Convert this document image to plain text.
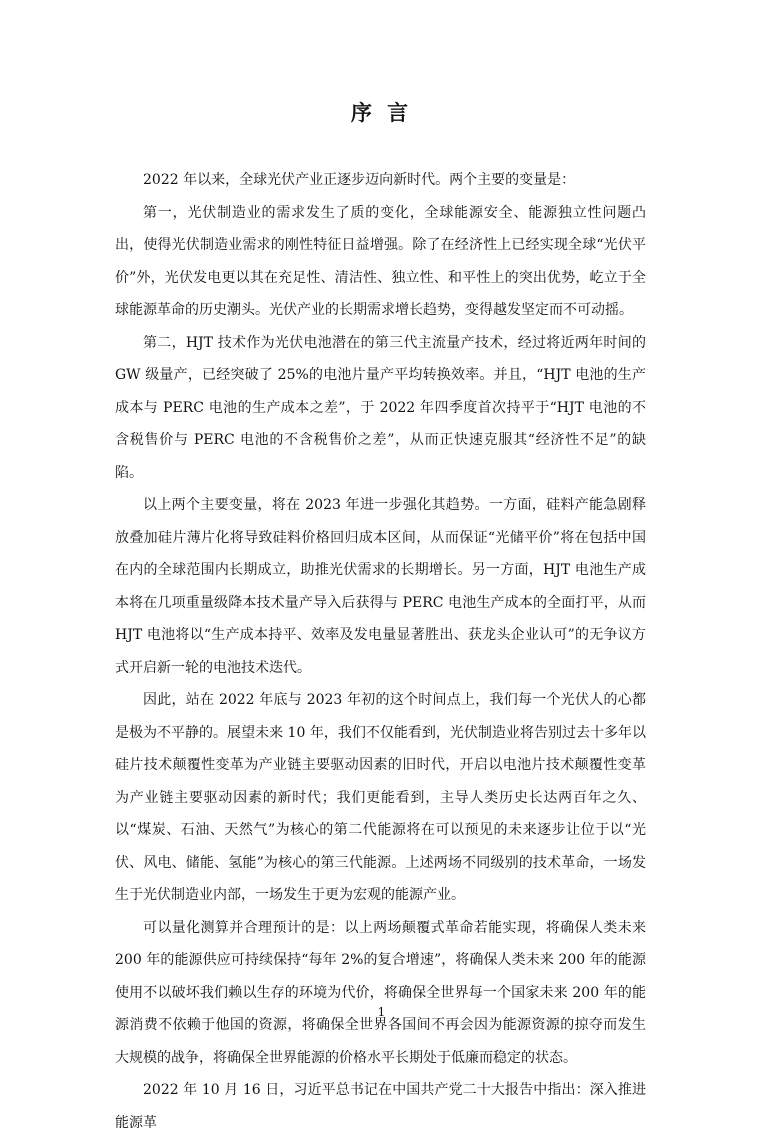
序 言

2022 年以来，全球光伏产业正逐步迈向新时代。两个主要的变量是：

第一，光伏制造业的需求发生了质的变化，全球能源安全、能源独立性问题凸出，使得光伏制造业需求的刚性特征日益增强。除了在经济性上已经实现全球“光伏平价”外，光伏发电更以其在充足性、清洁性、独立性、和平性上的突出优势，屹立于全球能源革命的历史潮头。光伏产业的长期需求增长趋势，变得越发坚定而不可动摇。

第二，HJT 技术作为光伏电池潜在的第三代主流量产技术，经过将近两年时间的 GW 级量产，已经突破了 25%的电池片量产平均转换效率。并且，“HJT 电池的生产成本与 PERC 电池的生产成本之差”，于 2022 年四季度首次持平于“HJT 电池的不含税售价与 PERC 电池的不含税售价之差”，从而正快速克服其“经济性不足”的缺陷。

以上两个主要变量，将在 2023 年进一步强化其趋势。一方面，硅料产能急剧释放叠加硅片薄片化将导致硅料价格回归成本区间，从而保证“光储平价”将在包括中国在内的全球范围内长期成立，助推光伏需求的长期增长。另一方面，HJT 电池生产成本将在几项重量级降本技术量产导入后获得与 PERC 电池生产成本的全面打平，从而 HJT 电池将以“生产成本持平、效率及发电量显著胜出、获龙头企业认可”的无争议方式开启新一轮的电池技术迭代。

因此，站在 2022 年底与 2023 年初的这个时间点上，我们每一个光伏人的心都是极为不平静的。展望未来 10 年，我们不仅能看到，光伏制造业将告别过去十多年以硅片技术颠覆性变革为产业链主要驱动因素的旧时代，开启以电池片技术颠覆性变革为产业链主要驱动因素的新时代；我们更能看到，主导人类历史长达两百年之久、以“煤炭、石油、天然气”为核心的第二代能源将在可以预见的未来逐步让位于以“光伏、风电、储能、氢能”为核心的第三代能源。上述两场不同级别的技术革命，一场发生于光伏制造业内部，一场发生于更为宏观的能源产业。

可以量化测算并合理预计的是：以上两场颠覆式革命若能实现，将确保人类未来 200 年的能源供应可持续保持“每年 2%的复合增速”，将确保人类未来 200 年的能源使用不以破坏我们赖以生存的环境为代价，将确保全世界每一个国家未来 200 年的能源消费不依赖于他国的资源，将确保全世界各国间不再会因为能源资源的掠夺而发生大规模的战争，将确保全世界能源的价格水平长期处于低廉而稳定的状态。

2022 年 10 月 16 日，习近平总书记在中国共产党二十大报告中指出：深入推进能源革

1
